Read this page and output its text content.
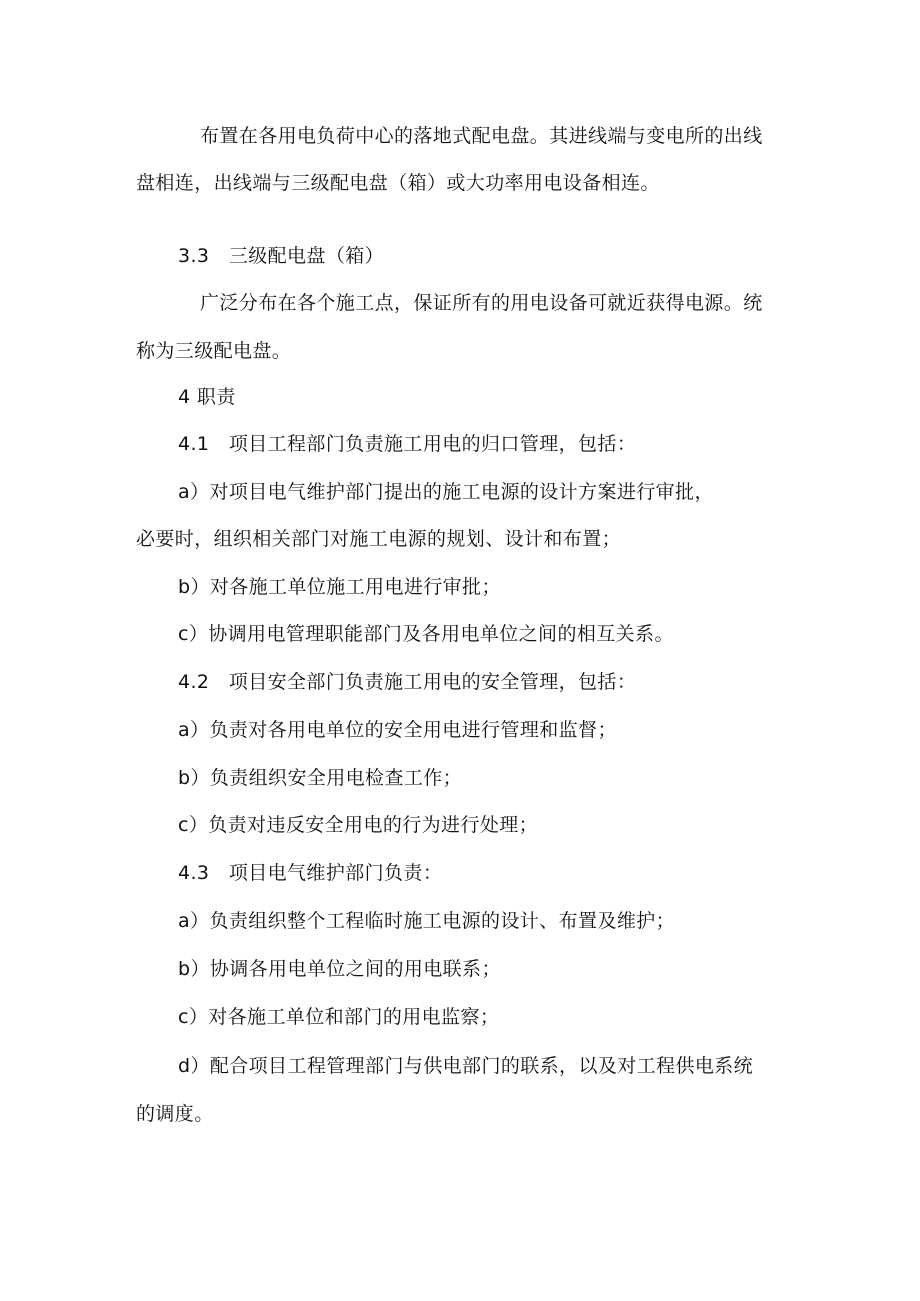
布置在各用电负荷中心的落地式配电盘。其进线端与变电所的出线
盘相连，出线端与三级配电盘（箱）或大功率用电设备相连。
3.3　三级配电盘（箱）
广泛分布在各个施工点，保证所有的用电设备可就近获得电源。统
称为三级配电盘。
4 职责
4.1　项目工程部门负责施工用电的归口管理，包括：
a）对项目电气维护部门提出的施工电源的设计方案进行审批，
必要时，组织相关部门对施工电源的规划、设计和布置；
b）对各施工单位施工用电进行审批；
c）协调用电管理职能部门及各用电单位之间的相互关系。
4.2　项目安全部门负责施工用电的安全管理，包括：
a）负责对各用电单位的安全用电进行管理和监督；
b）负责组织安全用电检查工作；
c）负责对违反安全用电的行为进行处理；
4.3　项目电气维护部门负责：
a）负责组织整个工程临时施工电源的设计、布置及维护；
b）协调各用电单位之间的用电联系；
c）对各施工单位和部门的用电监察；
d）配合项目工程管理部门与供电部门的联系，以及对工程供电系统
的调度。
